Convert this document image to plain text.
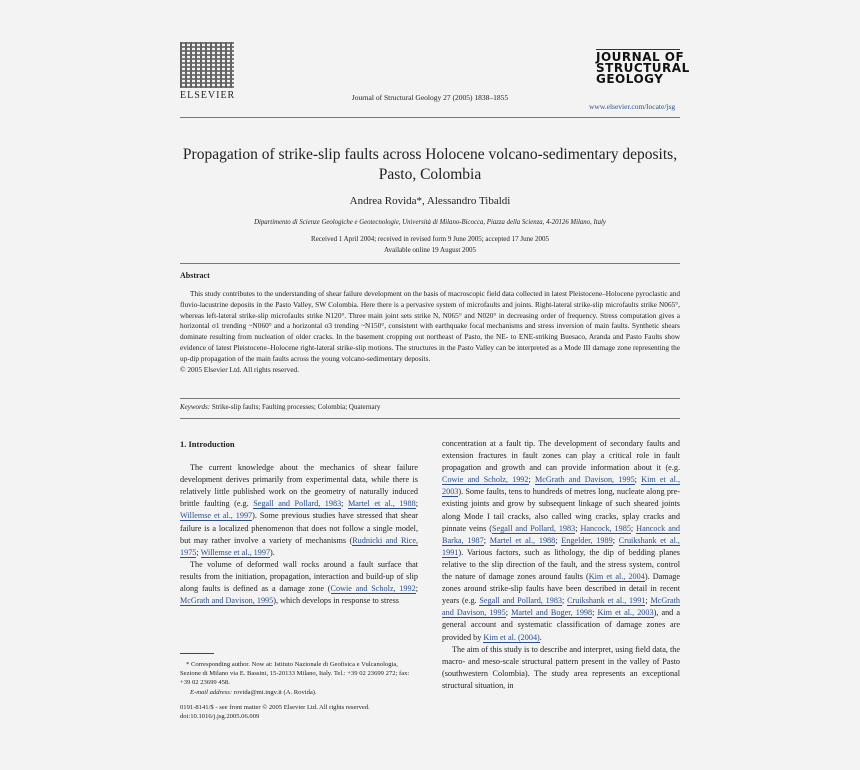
ELSEVIER	Journal of Structural Geology 27 (2005) 1838–1855
JOURNAL OF
STRUCTURAL
GEOLOGY
www.elsevier.com/locate/jsg
Propagation of strike-slip faults across Holocene volcano-sedimentary deposits, Pasto, Colombia
Andrea Rovida*, Alessandro Tibaldi
Dipartimento di Scienze Geologiche e Geotecnologie, Università di Milano-Bicocca, Piazza della Scienza, 4-20126 Milano, Italy
Received 1 April 2004; received in revised form 9 June 2005; accepted 17 June 2005
Available online 19 August 2005
Abstract
This study contributes to the understanding of shear failure development on the basis of macroscopic field data collected in latest Pleistocene–Holocene pyroclastic and fluvio-lacustrine deposits in the Pasto Valley, SW Colombia. Here there is a pervasive system of microfaults and joints. Right-lateral strike-slip microfaults strike N065°, whereas left-lateral strike-slip microfaults strike N120°. Three main joint sets strike N, N065° and N020° in decreasing order of frequency. Stress computation gives a horizontal σ1 trending ~N060° and a horizontal σ3 trending ~N150°, consistent with earthquake focal mechanisms and stress inversion of main faults. Synthetic shears dominate resulting from nucleation of older cracks. In the basement cropping out northeast of Pasto, the NE- to ENE-striking Buesaco, Aranda and Pasto Faults show evidence of latest Pleistocene–Holocene right-lateral strike-slip motions. The structures in the Pasto Valley can be interpreted as a Mode III damage zone representing the up-dip propagation of the main faults across the young volcano-sedimentary deposits.
© 2005 Elsevier Ltd. All rights reserved.
Keywords: Strike-slip faults; Faulting processes; Colombia; Quaternary

1. Introduction

The current knowledge about the mechanics of shear failure development derives primarily from experimental data, while there is relatively little published work on the geometry of naturally induced brittle faulting (e.g. Segall and Pollard, 1983; Martel et al., 1988; Willemse et al., 1997). Some previous studies have stressed that shear failure is a localized phenomenon that does not follow a single model, but may rather involve a variety of mechanisms (Rudnicki and Rice, 1975; Willemse et al., 1997).

The volume of deformed wall rocks around a fault surface that results from the initiation, propagation, interaction and build-up of slip along faults is defined as a damage zone (Cowie and Scholz, 1992; McGrath and Davison, 1995), which develops in response to stress

* Corresponding author. Now at: Istituto Nazionale di Geofisica e Vulcanologia, Sezione di Milano via E. Bassini, 15-20133 Milano, Italy. Tel.: +39 02 23699 272; fax: +39 02 23699 458.
E-mail address: rovida@mi.ingv.it (A. Rovida).
0191-8141/$ - see front matter © 2005 Elsevier Ltd. All rights reserved.
doi:10.1016/j.jsg.2005.06.009

concentration at a fault tip. The development of secondary faults and extension fractures in fault zones can play a critical role in fault propagation and growth and can provide information about it (e.g. Cowie and Scholz, 1992; McGrath and Davison, 1995; Kim et al., 2003). Some faults, tens to hundreds of metres long, nucleate along pre-existing joints and grow by subsequent linkage of such sheared joints along Mode I tail cracks, also called wing cracks, splay cracks and pinnate veins (Segall and Pollard, 1983; Hancock, 1985; Hancock and Barka, 1987; Martel et al., 1988; Engelder, 1989; Cruikshank et al., 1991). Various factors, such as lithology, the dip of bedding planes relative to the slip direction of the fault, and the stress system, control the nature of damage zones around faults (Kim et al., 2004). Damage zones around strike-slip faults have been described in detail in recent years (e.g. Segall and Pollard, 1983; Cruikshank et al., 1991; McGrath and Davison, 1995; Martel and Boger, 1998; Kim et al., 2003), and a general account and systematic classification of damage zones are provided by Kim et al. (2004).

The aim of this study is to describe and interpret, using field data, the macro- and meso-scale structural pattern present in the valley of Pasto (southwestern Colombia). The study area represents an exceptional structural situation, in
